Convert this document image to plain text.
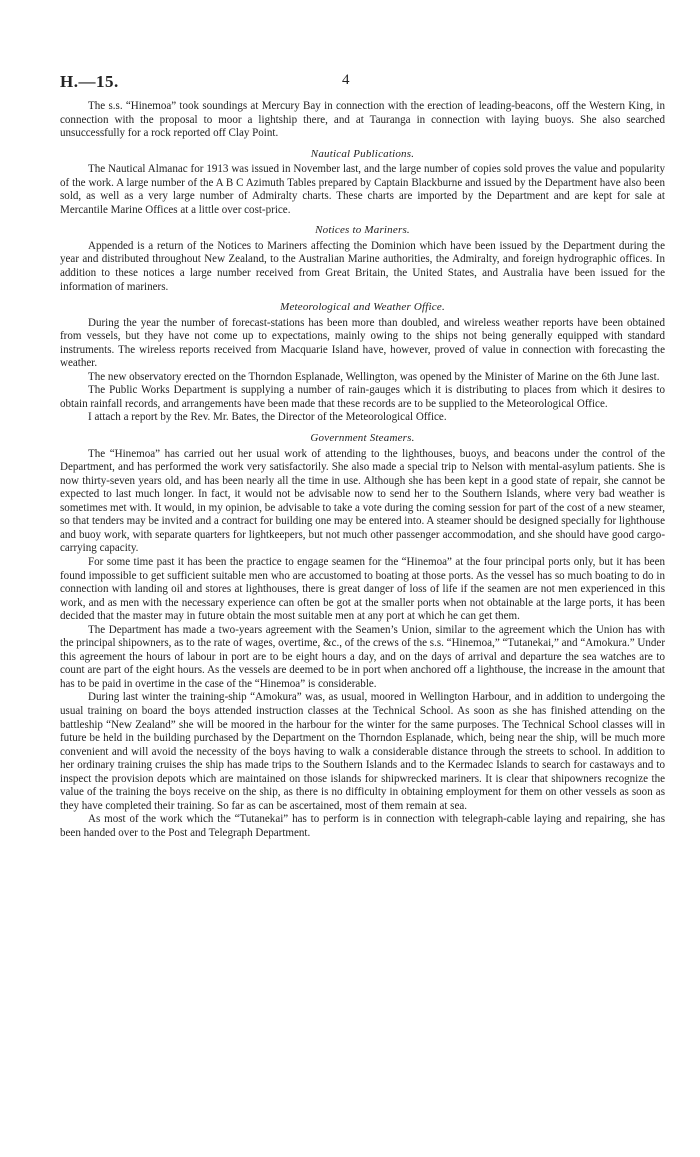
H.—15.	4

The s.s. “Hinemoa” took soundings at Mercury Bay in connection with the erection of leading-beacons, off the Western King, in connection with the proposal to moor a lightship there, and at Tauranga in connection with laying buoys. She also searched unsuccessfully for a rock reported off Clay Point.

Nautical Publications.

The Nautical Almanac for 1913 was issued in November last, and the large number of copies sold proves the value and popularity of the work. A large number of the A B C Azimuth Tables prepared by Captain Blackburne and issued by the Department have also been sold, as well as a very large number of Admiralty charts. These charts are imported by the Department and are kept for sale at Mercantile Marine Offices at a little over cost-price.

Notices to Mariners.

Appended is a return of the Notices to Mariners affecting the Dominion which have been issued by the Department during the year and distributed throughout New Zealand, to the Australian Marine authorities, the Admiralty, and foreign hydrographic offices. In addition to these notices a large number received from Great Britain, the United States, and Australia have been issued for the information of mariners.

Meteorological and Weather Office.

During the year the number of forecast-stations has been more than doubled, and wireless weather reports have been obtained from vessels, but they have not come up to expectations, mainly owing to the ships not being generally equipped with standard instruments. The wireless reports received from Macquarie Island have, however, proved of value in connection with forecasting the weather.

The new observatory erected on the Thorndon Esplanade, Wellington, was opened by the Minister of Marine on the 6th June last.

The Public Works Department is supplying a number of rain-gauges which it is distributing to places from which it desires to obtain rainfall records, and arrangements have been made that these records are to be supplied to the Meteorological Office.

I attach a report by the Rev. Mr. Bates, the Director of the Meteorological Office.

Government Steamers.

The “Hinemoa” has carried out her usual work of attending to the lighthouses, buoys, and beacons under the control of the Department, and has performed the work very satisfactorily. She also made a special trip to Nelson with mental-asylum patients. She is now thirty-seven years old, and has been nearly all the time in use. Although she has been kept in a good state of repair, she cannot be expected to last much longer. In fact, it would not be advisable now to send her to the Southern Islands, where very bad weather is sometimes met with. It would, in my opinion, be advisable to take a vote during the coming session for part of the cost of a new steamer, so that tenders may be invited and a contract for building one may be entered into. A steamer should be designed specially for lighthouse and buoy work, with separate quarters for lightkeepers, but not much other passenger accommodation, and she should have good cargo-carrying capacity.

For some time past it has been the practice to engage seamen for the “Hinemoa” at the four principal ports only, but it has been found impossible to get sufficient suitable men who are accustomed to boating at those ports. As the vessel has so much boating to do in connection with landing oil and stores at lighthouses, there is great danger of loss of life if the seamen are not men experienced in this work, and as men with the necessary experience can often be got at the smaller ports when not obtainable at the large ports, it has been decided that the master may in future obtain the most suitable men at any port at which he can get them.

The Department has made a two-years agreement with the Seamen’s Union, similar to the agreement which the Union has with the principal shipowners, as to the rate of wages, overtime, &c., of the crews of the s.s. “Hinemoa,” “Tutanekai,” and “Amokura.” Under this agreement the hours of labour in port are to be eight hours a day, and on the days of arrival and departure the sea watches are to count are part of the eight hours. As the vessels are deemed to be in port when anchored off a lighthouse, the increase in the amount that has to be paid in overtime in the case of the “Hinemoa” is considerable.

During last winter the training-ship “Amokura” was, as usual, moored in Wellington Harbour, and in addition to undergoing the usual training on board the boys attended instruction classes at the Technical School. As soon as she has finished attending on the battleship “New Zealand” she will be moored in the harbour for the winter for the same purposes. The Technical School classes will in future be held in the building purchased by the Department on the Thorndon Esplanade, which, being near the ship, will be much more convenient and will avoid the necessity of the boys having to walk a considerable distance through the streets to school. In addition to her ordinary training cruises the ship has made trips to the Southern Islands and to the Kermadec Islands to search for castaways and to inspect the provision depots which are maintained on those islands for shipwrecked mariners. It is clear that shipowners recognize the value of the training the boys receive on the ship, as there is no difficulty in obtaining employment for them on other vessels as soon as they have completed their training. So far as can be ascertained, most of them remain at sea.

As most of the work which the “Tutanekai” has to perform is in connection with telegraph-cable laying and repairing, she has been handed over to the Post and Telegraph Department.
